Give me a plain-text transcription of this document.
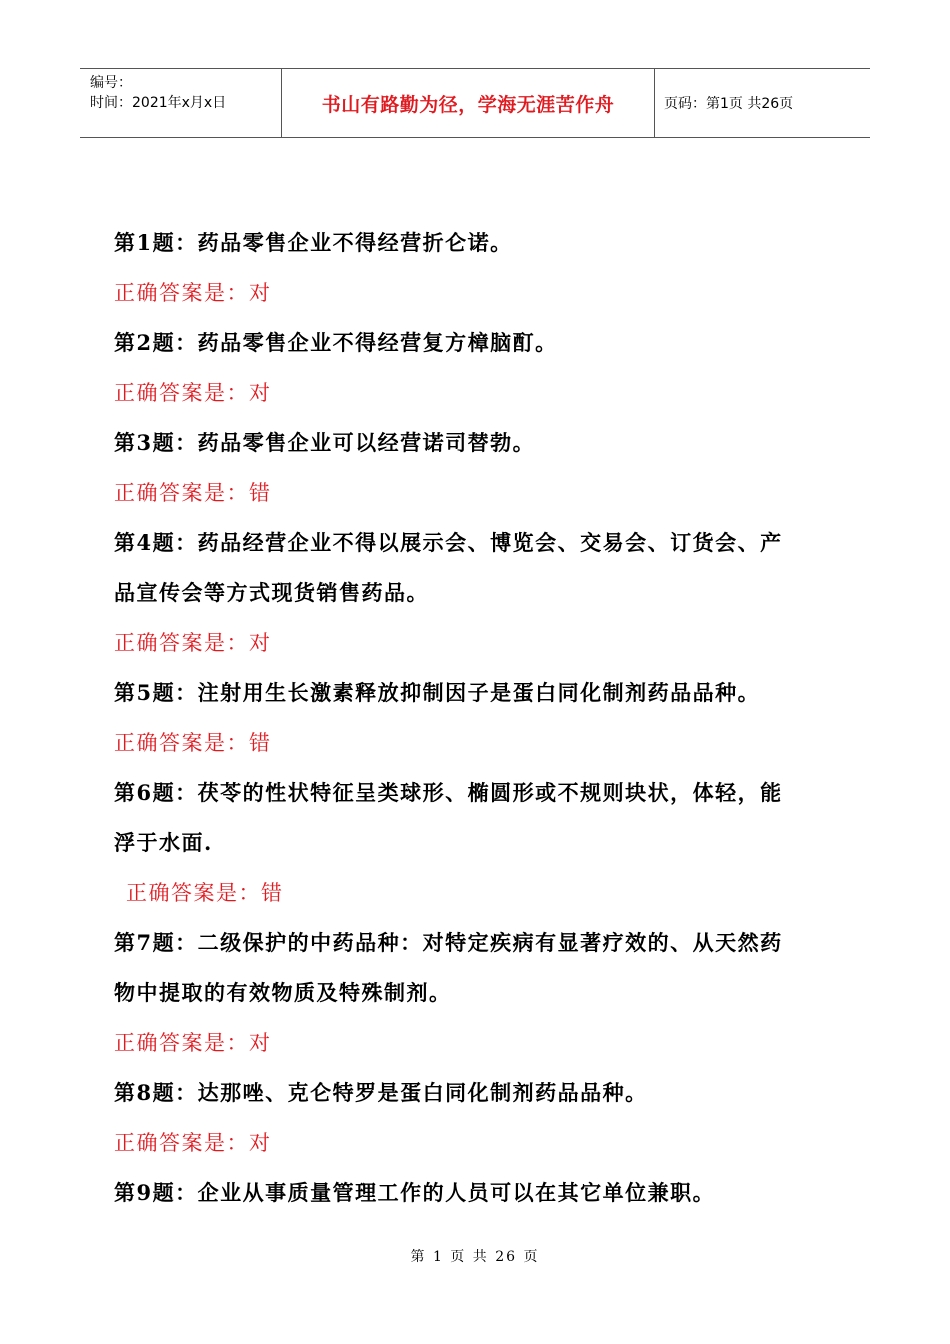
编号：
时间：2021年x月x日	书山有路勤为径，学海无涯苦作舟	页码：第1页 共26页
第1题：药品零售企业不得经营折仑诺。
正确答案是：对
第2题：药品零售企业不得经营复方樟脑酊。
正确答案是：对
第3题：药品零售企业可以经营诺司替勃。
正确答案是：错
第4题：药品经营企业不得以展示会、博览会、交易会、订货会、产
品宣传会等方式现货销售药品。
正确答案是：对
第5题：注射用生长激素释放抑制因子是蛋白同化制剂药品品种。
正确答案是：错
第6题：茯苓的性状特征呈类球形、椭圆形或不规则块状，体轻，能
浮于水面.
正确答案是：错
第7题：二级保护的中药品种：对特定疾病有显著疗效的、从天然药
物中提取的有效物质及特殊制剂。
正确答案是：对
第8题：达那唑、克仑特罗是蛋白同化制剂药品品种。
正确答案是：对
第9题：企业从事质量管理工作的人员可以在其它单位兼职。
第 1 页 共 26 页
